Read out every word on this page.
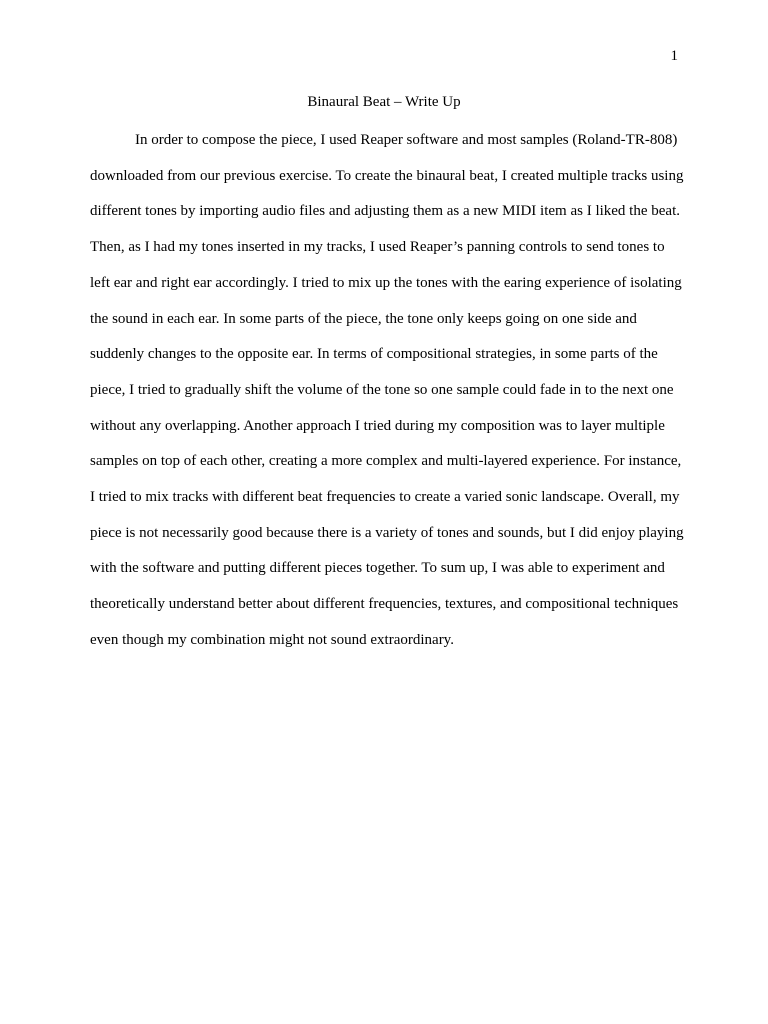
1
Binaural Beat – Write Up

In order to compose the piece, I used Reaper software and most samples (Roland-TR-808) downloaded from our previous exercise. To create the binaural beat, I created multiple tracks using different tones by importing audio files and adjusting them as a new MIDI item as I liked the beat. Then, as I had my tones inserted in my tracks, I used Reaper’s panning controls to send tones to left ear and right ear accordingly. I tried to mix up the tones with the earing experience of isolating the sound in each ear. In some parts of the piece, the tone only keeps going on one side and suddenly changes to the opposite ear. In terms of compositional strategies, in some parts of the piece, I tried to gradually shift the volume of the tone so one sample could fade in to the next one without any overlapping. Another approach I tried during my composition was to layer multiple samples on top of each other, creating a more complex and multi-layered experience. For instance, I tried to mix tracks with different beat frequencies to create a varied sonic landscape. Overall, my piece is not necessarily good because there is a variety of tones and sounds, but I did enjoy playing with the software and putting different pieces together. To sum up, I was able to experiment and theoretically understand better about different frequencies, textures, and compositional techniques even though my combination might not sound extraordinary.
